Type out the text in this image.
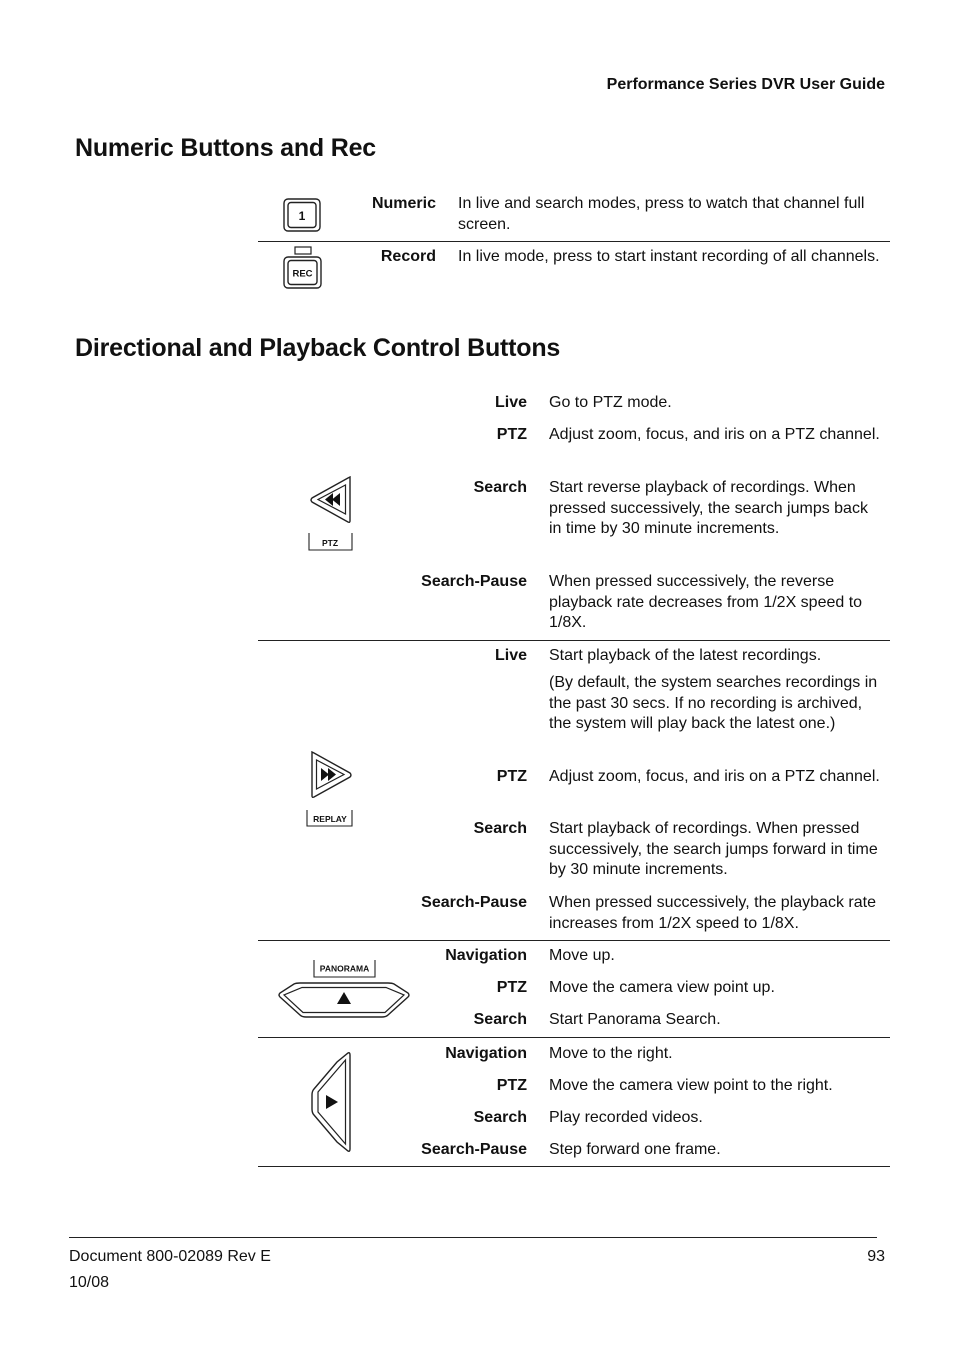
Performance Series DVR User Guide
Numeric Buttons and Rec
1
Numeric In live and search modes, press to watch that channel full screen.
REC
Record In live mode, press to start instant recording of all channels.
Directional and Playback Control Buttons
PTZ
Live Go to PTZ mode.
PTZ Adjust zoom, focus, and iris on a PTZ channel.
Search Start reverse playback of recordings. When pressed successively, the search jumps back in time by 30 minute increments.
Search-Pause When pressed successively, the reverse playback rate decreases from 1/2X speed to 1/8X.
REPLAY
Live Start playback of the latest recordings.
(By default, the system searches recordings in the past 30 secs. If no recording is archived, the system will play back the latest one.)
PTZ Adjust zoom, focus, and iris on a PTZ channel.
Search Start playback of recordings. When pressed successively, the search jumps forward in time by 30 minute increments.
Search-Pause When pressed successively, the playback rate increases from 1/2X speed to 1/8X.
PANORAMA
Navigation Move up.
PTZ Move the camera view point up.
Search Start Panorama Search.
Navigation Move to the right.
PTZ Move the camera view point to the right.
Search Play recorded videos.
Search-Pause Step forward one frame.
Document 800-02089 Rev E
10/08
93
